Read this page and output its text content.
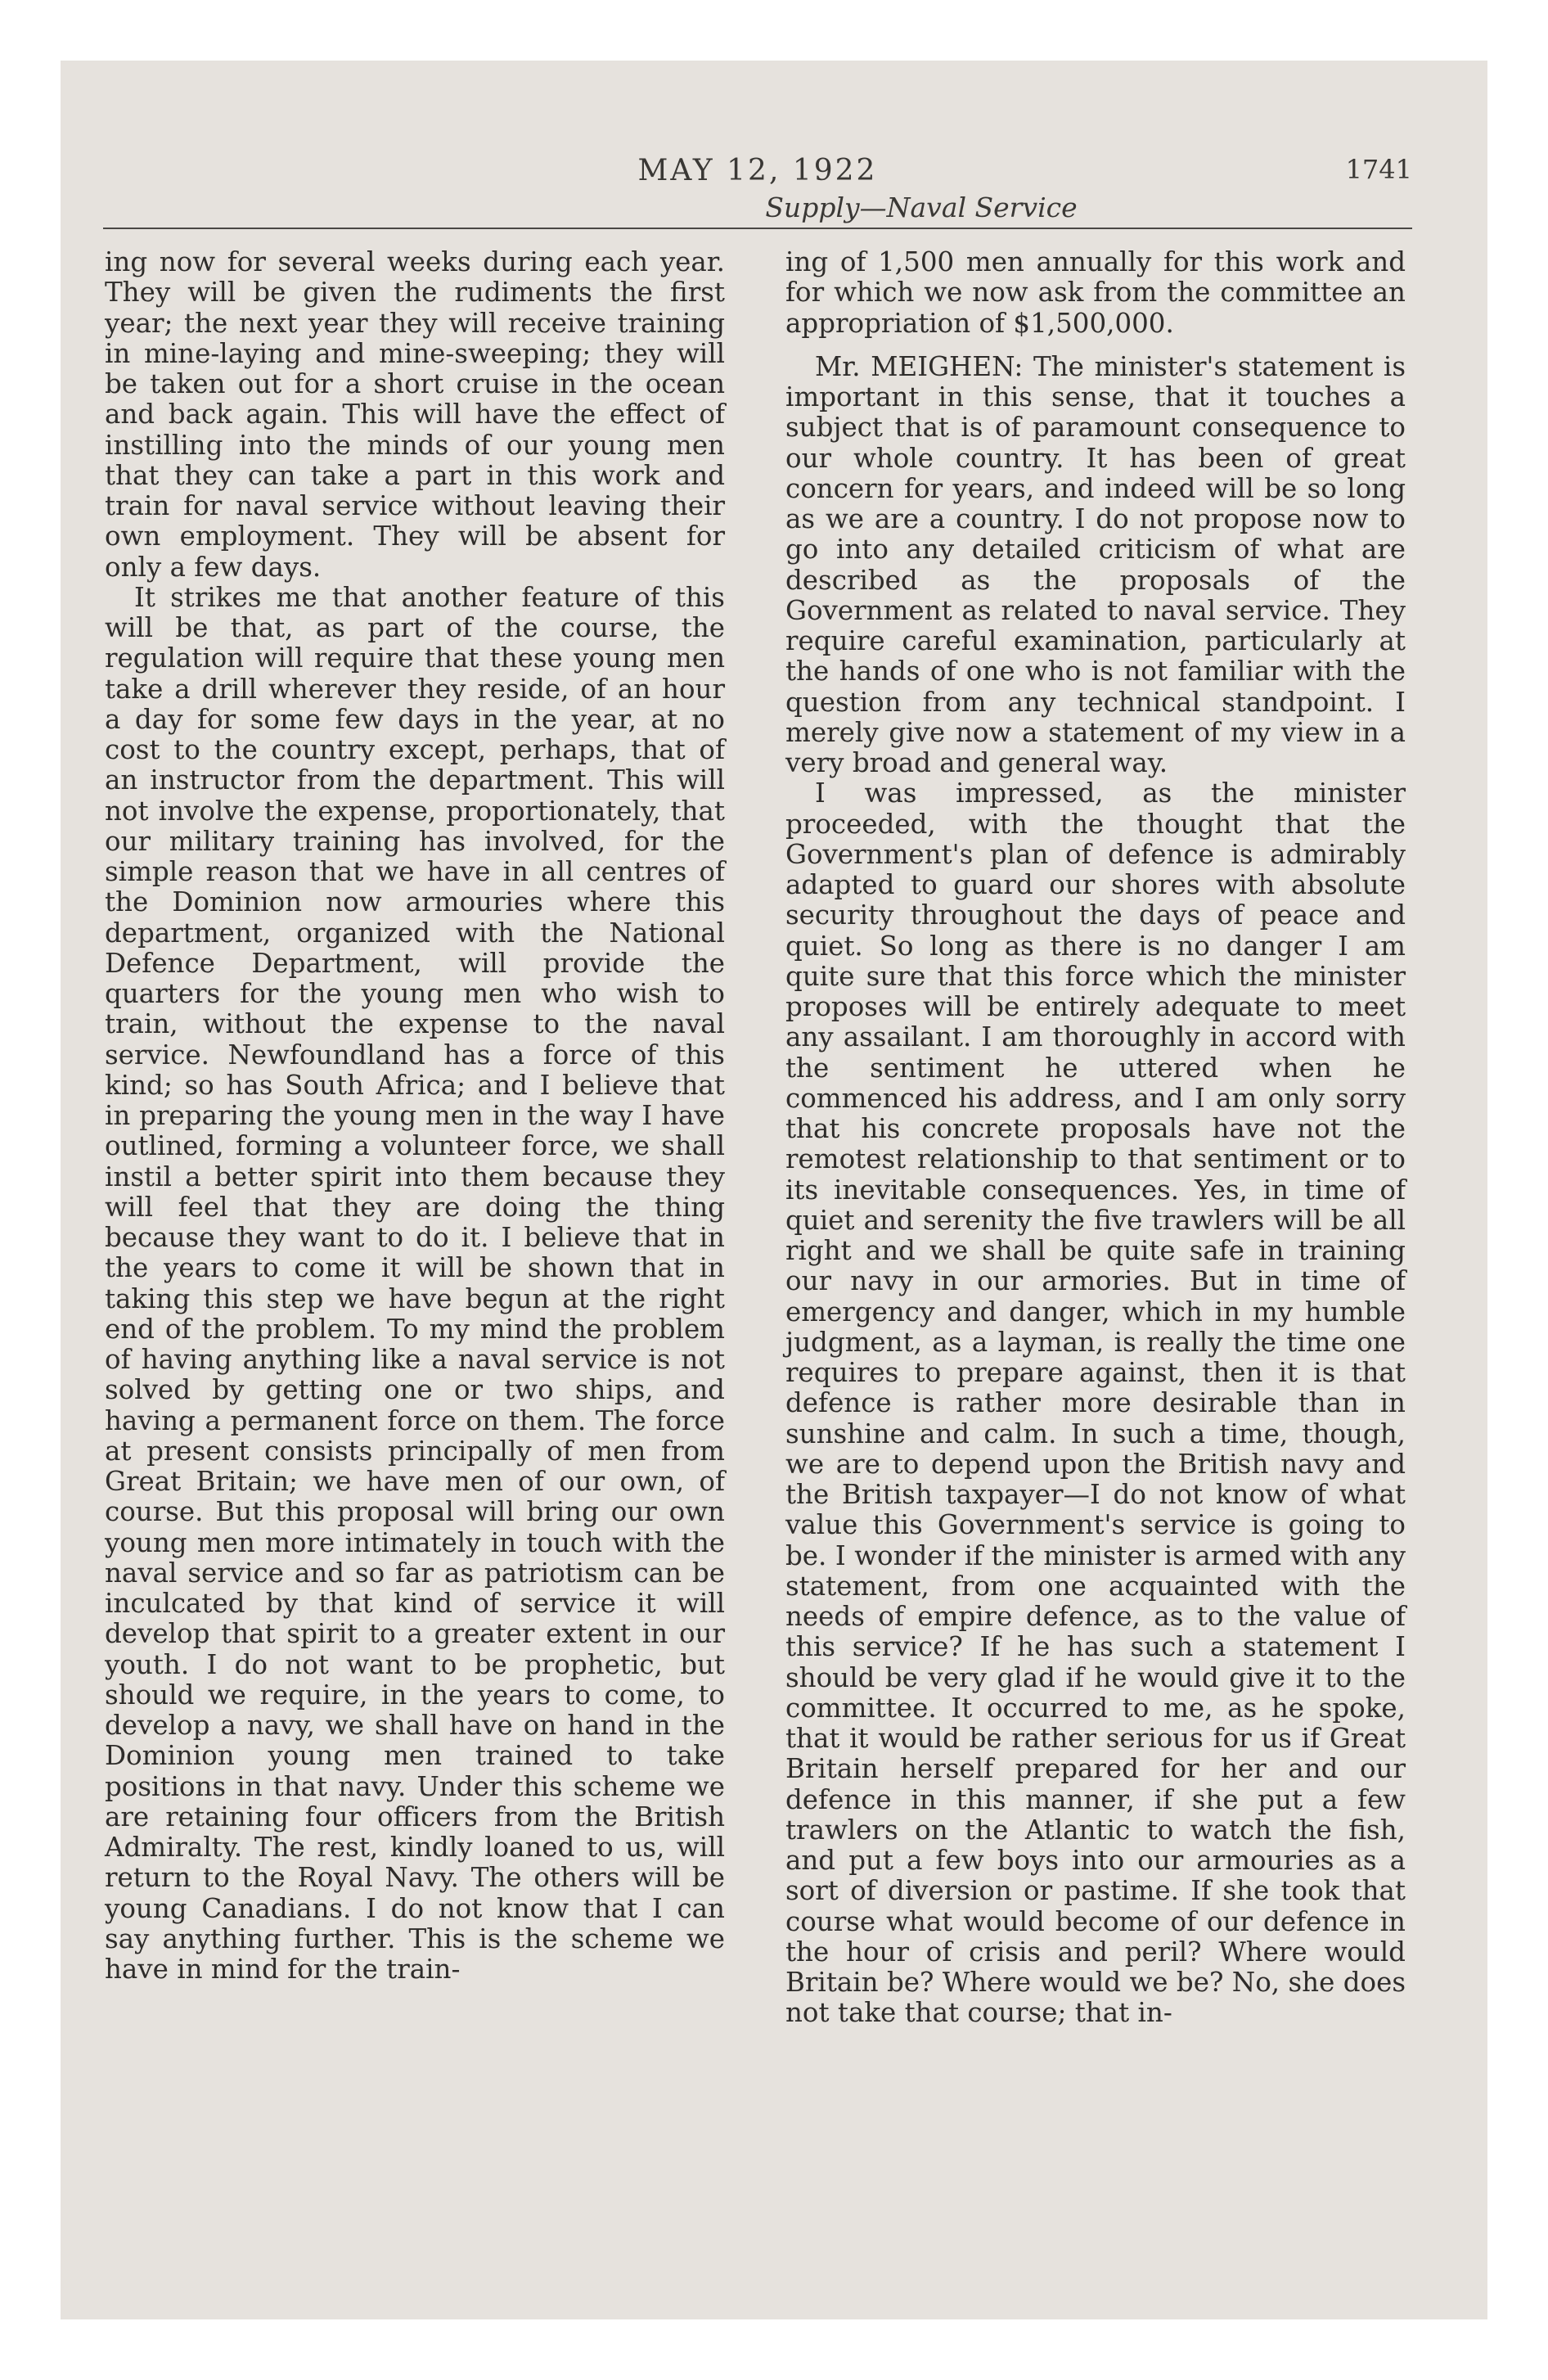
MAY 12, 1922	1741
Supply—Naval Service

ing now for several weeks during each year. They will be given the rudiments the first year; the next year they will receive training in mine-laying and mine-sweeping; they will be taken out for a short cruise in the ocean and back again. This will have the effect of instilling into the minds of our young men that they can take a part in this work and train for naval service without leaving their own employment. They will be absent for only a few days.

It strikes me that another feature of this will be that, as part of the course, the regulation will require that these young men take a drill wherever they reside, of an hour a day for some few days in the year, at no cost to the country except, perhaps, that of an instructor from the department. This will not involve the expense, proportionately, that our military training has involved, for the simple reason that we have in all centres of the Dominion now armouries where this department, organized with the National Defence Department, will provide the quarters for the young men who wish to train, without the expense to the naval service. Newfoundland has a force of this kind; so has South Africa; and I believe that in preparing the young men in the way I have outlined, forming a volunteer force, we shall instil a better spirit into them because they will feel that they are doing the thing because they want to do it. I believe that in the years to come it will be shown that in taking this step we have begun at the right end of the problem. To my mind the problem of having anything like a naval service is not solved by getting one or two ships, and having a permanent force on them. The force at present consists principally of men from Great Britain; we have men of our own, of course. But this proposal will bring our own young men more intimately in touch with the naval service and so far as patriotism can be inculcated by that kind of service it will develop that spirit to a greater extent in our youth. I do not want to be prophetic, but should we require, in the years to come, to develop a navy, we shall have on hand in the Dominion young men trained to take positions in that navy. Under this scheme we are retaining four officers from the British Admiralty. The rest, kindly loaned to us, will return to the Royal Navy. The others will be young Canadians. I do not know that I can say anything further. This is the scheme we have in mind for the train-

ing of 1,500 men annually for this work and for which we now ask from the committee an appropriation of $1,500,000.

Mr. MEIGHEN: The minister's statement is important in this sense, that it touches a subject that is of paramount consequence to our whole country. It has been of great concern for years, and indeed will be so long as we are a country. I do not propose now to go into any detailed criticism of what are described as the proposals of the Government as related to naval service. They require careful examination, particularly at the hands of one who is not familiar with the question from any technical standpoint. I merely give now a statement of my view in a very broad and general way.

I was impressed, as the minister proceeded, with the thought that the Government's plan of defence is admirably adapted to guard our shores with absolute security throughout the days of peace and quiet. So long as there is no danger I am quite sure that this force which the minister proposes will be entirely adequate to meet any assailant. I am thoroughly in accord with the sentiment he uttered when he commenced his address, and I am only sorry that his concrete proposals have not the remotest relationship to that sentiment or to its inevitable consequences. Yes, in time of quiet and serenity the five trawlers will be all right and we shall be quite safe in training our navy in our armories. But in time of emergency and danger, which in my humble judgment, as a layman, is really the time one requires to prepare against, then it is that defence is rather more desirable than in sunshine and calm. In such a time, though, we are to depend upon the British navy and the British taxpayer—I do not know of what value this Government's service is going to be. I wonder if the minister is armed with any statement, from one acquainted with the needs of empire defence, as to the value of this service? If he has such a statement I should be very glad if he would give it to the committee. It occurred to me, as he spoke, that it would be rather serious for us if Great Britain herself prepared for her and our defence in this manner, if she put a few trawlers on the Atlantic to watch the fish, and put a few boys into our armouries as a sort of diversion or pastime. If she took that course what would become of our defence in the hour of crisis and peril? Where would Britain be? Where would we be? No, she does not take that course; that in-
